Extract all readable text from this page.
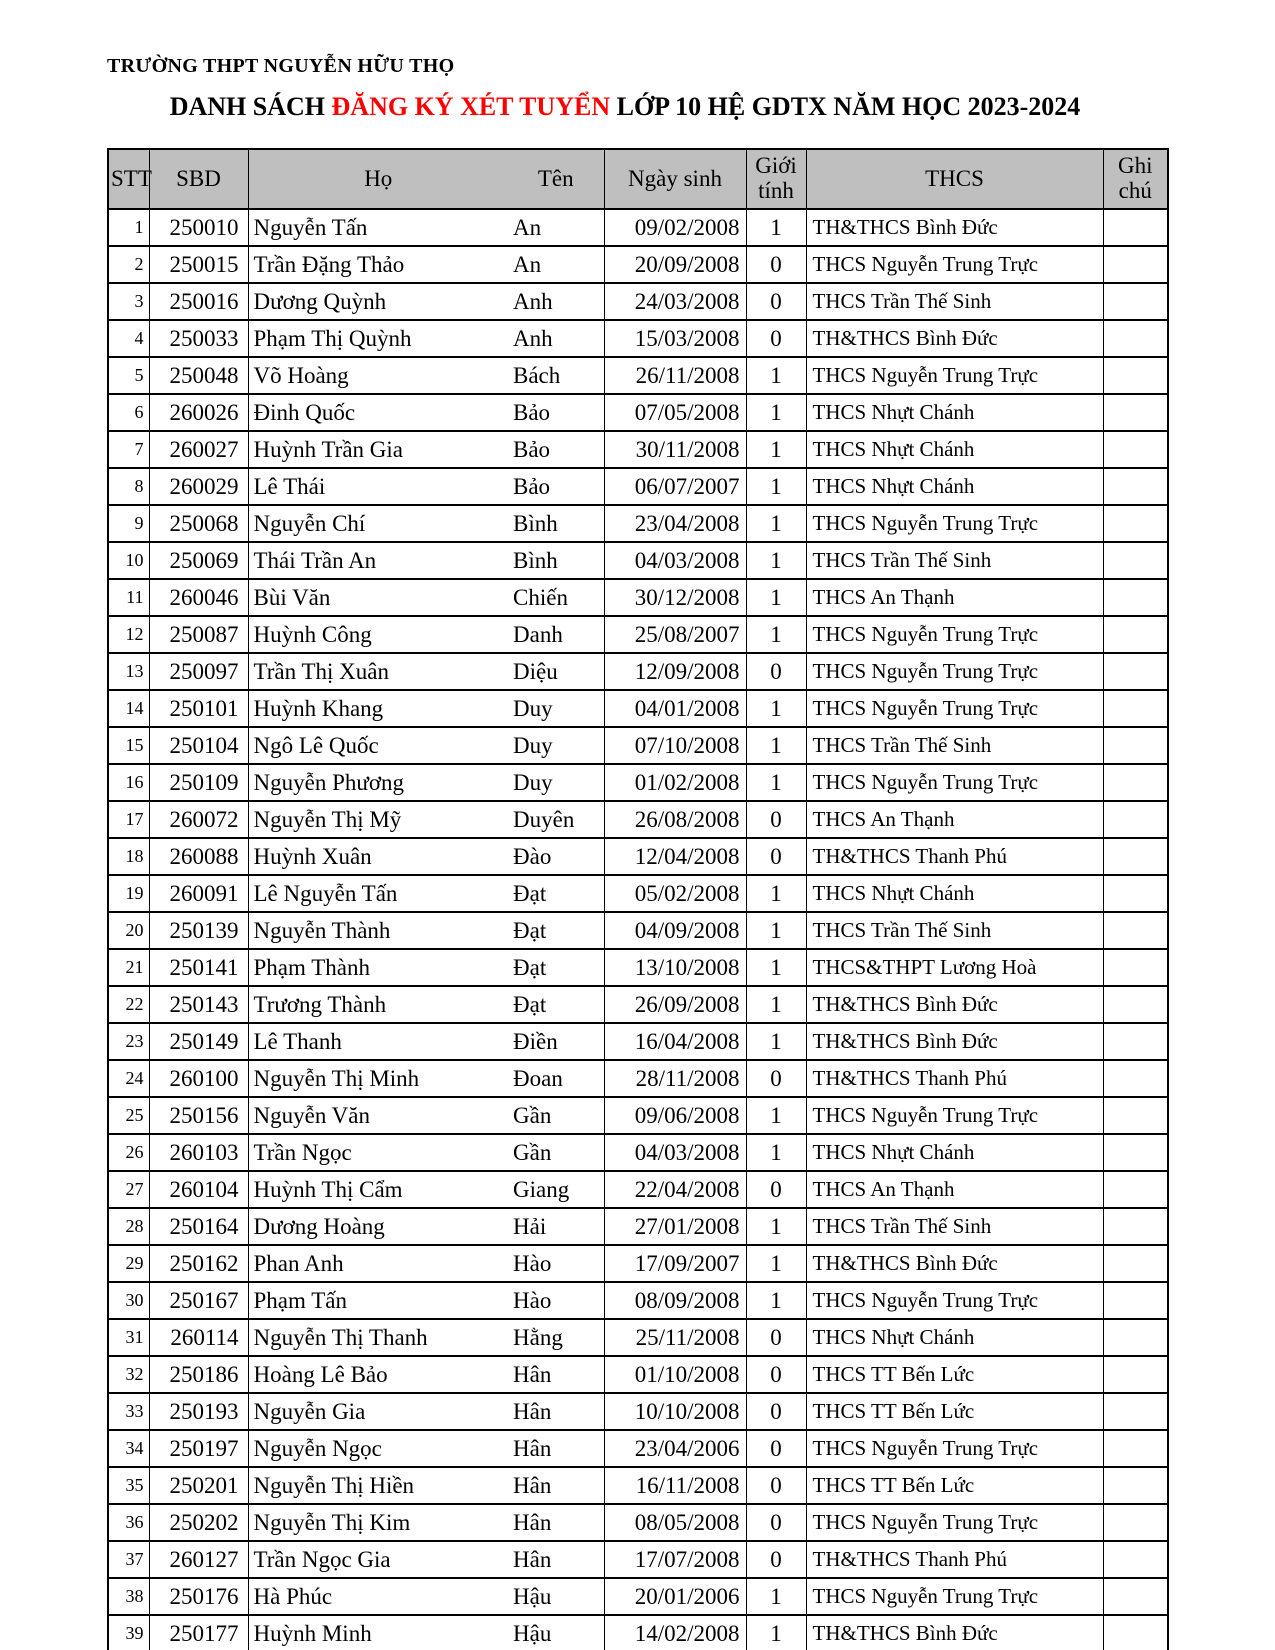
TRƯỜNG THPT NGUYỄN HỮU THỌ
DANH SÁCH ĐĂNG KÝ XÉT TUYỂN LỚP 10 HỆ GDTX NĂM HỌC 2023-2024
STT	SBD	Họ	Tên	Ngày sinh	Giới tính	THCS	Ghi chú
1	250010	Nguyễn Tấn	An	09/02/2008	1	TH&THCS Bình Đức	
2	250015	Trần Đặng Thảo	An	20/09/2008	0	THCS Nguyễn Trung Trực	
3	250016	Dương Quỳnh	Anh	24/03/2008	0	THCS Trần Thế Sinh	
4	250033	Phạm Thị Quỳnh	Anh	15/03/2008	0	TH&THCS Bình Đức	
5	250048	Võ Hoàng	Bách	26/11/2008	1	THCS Nguyễn Trung Trực	
6	260026	Đinh Quốc	Bảo	07/05/2008	1	THCS Nhựt Chánh	
7	260027	Huỳnh Trần Gia	Bảo	30/11/2008	1	THCS Nhựt Chánh	
8	260029	Lê Thái	Bảo	06/07/2007	1	THCS Nhựt Chánh	
9	250068	Nguyễn Chí	Bình	23/04/2008	1	THCS Nguyễn Trung Trực	
10	250069	Thái Trần An	Bình	04/03/2008	1	THCS Trần Thế Sinh	
11	260046	Bùi Văn	Chiến	30/12/2008	1	THCS An Thạnh	
12	250087	Huỳnh Công	Danh	25/08/2007	1	THCS Nguyễn Trung Trực	
13	250097	Trần Thị Xuân	Diệu	12/09/2008	0	THCS Nguyễn Trung Trực	
14	250101	Huỳnh Khang	Duy	04/01/2008	1	THCS Nguyễn Trung Trực	
15	250104	Ngô Lê Quốc	Duy	07/10/2008	1	THCS Trần Thế Sinh	
16	250109	Nguyễn Phương	Duy	01/02/2008	1	THCS Nguyễn Trung Trực	
17	260072	Nguyễn Thị Mỹ	Duyên	26/08/2008	0	THCS An Thạnh	
18	260088	Huỳnh Xuân	Đào	12/04/2008	0	TH&THCS Thanh Phú	
19	260091	Lê Nguyễn Tấn	Đạt	05/02/2008	1	THCS Nhựt Chánh	
20	250139	Nguyễn Thành	Đạt	04/09/2008	1	THCS Trần Thế Sinh	
21	250141	Phạm Thành	Đạt	13/10/2008	1	THCS&THPT Lương Hoà	
22	250143	Trương Thành	Đạt	26/09/2008	1	TH&THCS Bình Đức	
23	250149	Lê Thanh	Điền	16/04/2008	1	TH&THCS Bình Đức	
24	260100	Nguyễn Thị Minh	Đoan	28/11/2008	0	TH&THCS Thanh Phú	
25	250156	Nguyễn Văn	Gần	09/06/2008	1	THCS Nguyễn Trung Trực	
26	260103	Trần Ngọc	Gần	04/03/2008	1	THCS Nhựt Chánh	
27	260104	Huỳnh Thị Cẩm	Giang	22/04/2008	0	THCS An Thạnh	
28	250164	Dương Hoàng	Hải	27/01/2008	1	THCS Trần Thế Sinh	
29	250162	Phan Anh	Hào	17/09/2007	1	TH&THCS Bình Đức	
30	250167	Phạm Tấn	Hào	08/09/2008	1	THCS Nguyễn Trung Trực	
31	260114	Nguyễn Thị Thanh	Hằng	25/11/2008	0	THCS Nhựt Chánh	
32	250186	Hoàng Lê Bảo	Hân	01/10/2008	0	THCS TT Bến Lức	
33	250193	Nguyễn Gia	Hân	10/10/2008	0	THCS TT Bến Lức	
34	250197	Nguyễn Ngọc	Hân	23/04/2006	0	THCS Nguyễn Trung Trực	
35	250201	Nguyễn Thị Hiền	Hân	16/11/2008	0	THCS TT Bến Lức	
36	250202	Nguyễn Thị Kim	Hân	08/05/2008	0	THCS Nguyễn Trung Trực	
37	260127	Trần Ngọc Gia	Hân	17/07/2008	0	TH&THCS Thanh Phú	
38	250176	Hà Phúc	Hậu	20/01/2006	1	THCS Nguyễn Trung Trực	
39	250177	Huỳnh Minh	Hậu	14/02/2008	1	TH&THCS Bình Đức	
